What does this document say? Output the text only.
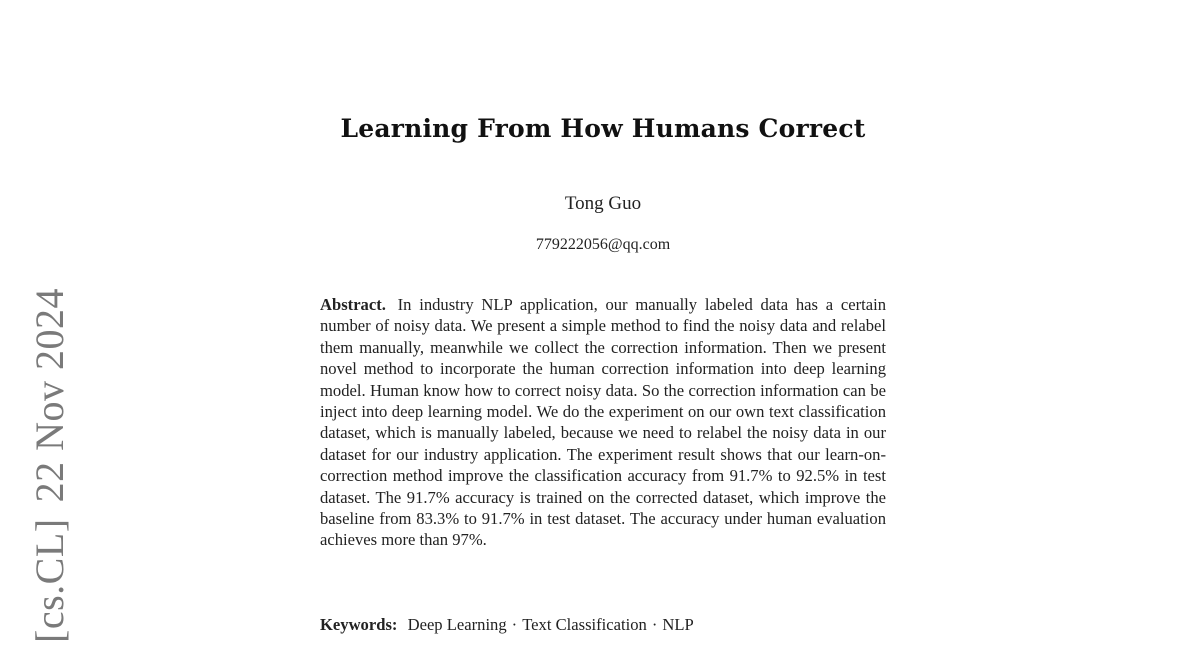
[cs.CL]22 Nov 2024
Learning From How Humans Correct
Tong Guo
779222056@qq.com
Abstract. In industry NLP application, our manually labeled data has a certain number of noisy data. We present a simple method to find the noisy data and relabel them manually, meanwhile we collect the correction information. Then we present novel method to incorporate the human correction information into deep learning model. Human know how to correct noisy data. So the correction information can be inject into deep learning model. We do the experiment on our own text classification dataset, which is manually labeled, because we need to relabel the noisy data in our dataset for our industry application. The experiment result shows that our learn-on-correction method improve the classification accuracy from 91.7% to 92.5% in test dataset. The 91.7% accuracy is trained on the corrected dataset, which improve the baseline from 83.3% to 91.7% in test dataset. The accuracy under human evaluation achieves more than 97%.
Keywords: Deep Learning · Text Classification · NLP
